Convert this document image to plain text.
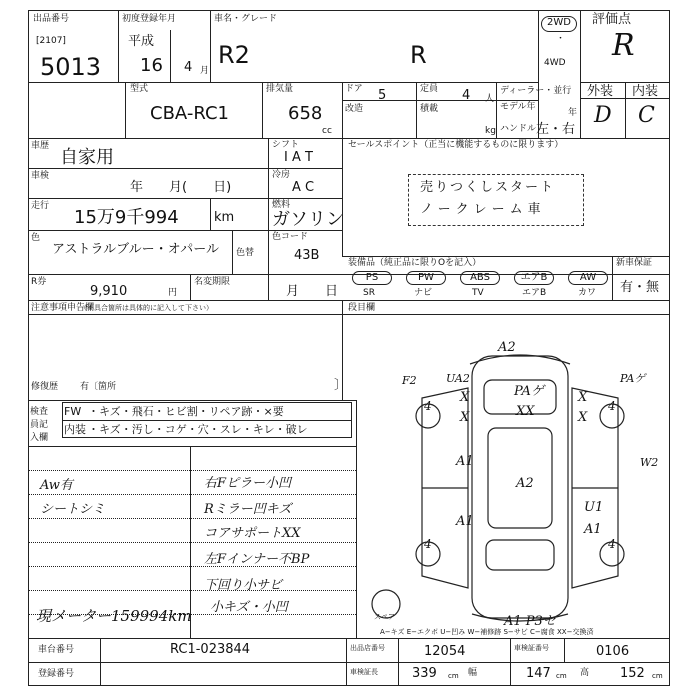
出品番号
[2107]
5013
初度登録年月
平成
16 4 月
車名・グレード
R2	R
2WD
・
4WD
評価点
R
外装 内装
D C
型式
CBA-RC1
排気量
658
cc
ドア 5	定員 4 人
ディーラー・並行
改造	積載
kg
モデル年
年
ハンドル 左・右
車歴
自家用
車検
年　　月(　　日)
シフト
I A T
冷房
A C
走行
15万9千994	km
燃料
ガソリン
色
アストラルブルー・オパール	色替
色コード
43B
R券
9,910	円
名変期限
月　　日
セールスポイント（正当に機能するものに限ります）
売りつくしスタート
ノークレーム車
装備品（純正品に限りOを記入）	新車保証
有・無
PS	PW	ABS	エアB	AW
SR	ナビ	TV	エアB	カワ
段目欄
注意事項申告欄
（不具合箇所は具体的に記入して下さい）
修復歴 有〔箇所	〕
検査員記入欄
FW ・キズ・飛石・ヒビ割・リペア跡・×要
内装 ・キズ・汚し・コゲ・穴・スレ・キレ・破レ
Aw有
シートシミ
右Fピラー小凹
Rミラー凹キズ
コアサポートXX
左Fインナー不BP
下回り小サビ
小キズ・小凹
現メーター159994km
4	4
4	4
A2
F2	UA2	PAゲ
PAゲ
XX
X
X
X
X
A1
A1
A2
U1
A1
W2
A1 P3セ
スペア
A−キズ E−エクボ U−凹み W−補修跡 S−サビ C−腐食 XX−交換済
車台番号	RC1-023844
登録番号
出品店番号	12054	車検証番号	0106
車検証長	339 cm 幅	147 cm 高 152 cm
